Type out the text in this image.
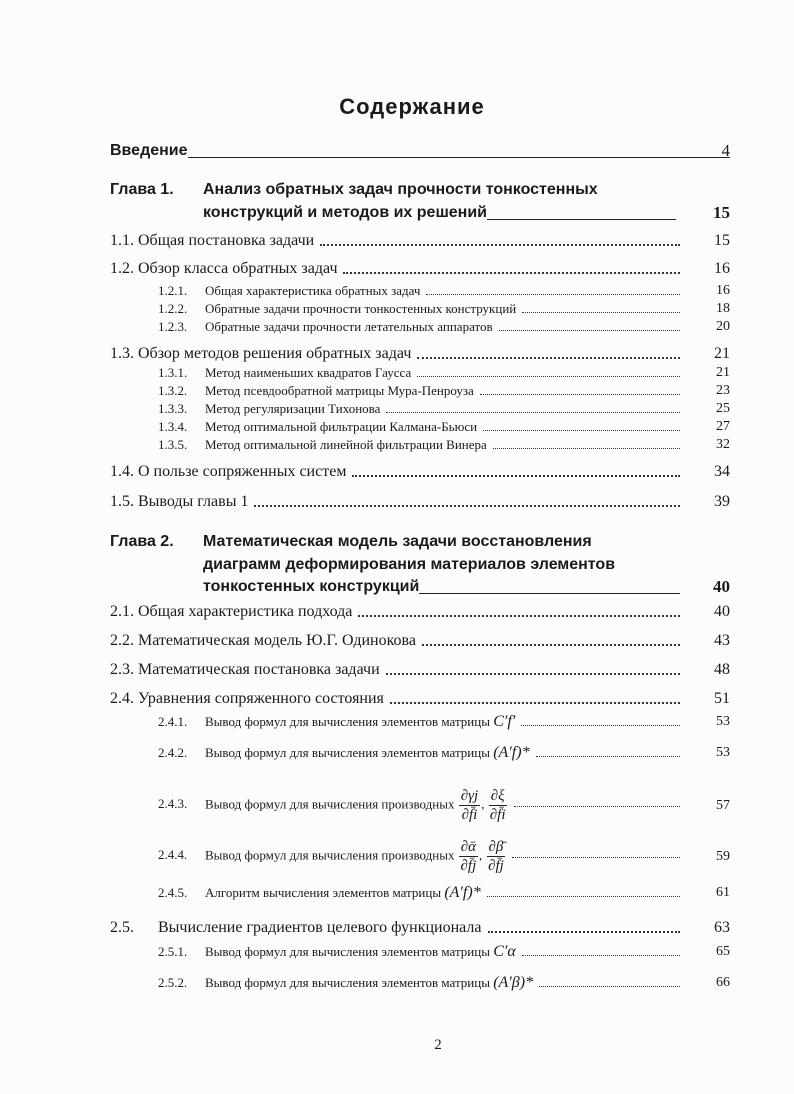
Содержание
Введение	4
Глава 1. Анализ обратных задач прочности тонкостенных
конструкций и методов их решений	15
1.1. Общая постановка задачи	15
1.2. Обзор класса обратных задач	16
1.2.1. Общая характеристика обратных задач	16
1.2.2. Обратные задачи прочности тонкостенных конструкций	18
1.2.3. Обратные задачи прочности летательных аппаратов	20
1.3. Обзор методов решения обратных задач	21
1.3.1. Метод наименьших квадратов Гаусса	21
1.3.2. Метод псевдообратной матрицы Мура-Пенроуза	23
1.3.3. Метод регуляризации Тихонова	25
1.3.4. Метод оптимальной фильтрации Калмана-Бьюси	27
1.3.5. Метод оптимальной линейной фильтрации Винера	32
1.4. О пользе сопряженных систем	34
1.5. Выводы главы 1	39
Глава 2. Математическая модель задачи восстановления
диаграмм деформирования материалов элементов
тонкостенных конструкций	40
2.1. Общая характеристика подхода	40
2.2. Математическая модель Ю.Г. Одинокова	43
2.3. Математическая постановка задачи	48
2.4. Уравнения сопряженного состояния	51
2.4.1. Вывод формул для вычисления элементов матрицы C′f′	53
2.4.2. Вывод формул для вычисления элементов матрицы (A′f)*	53
2.4.3. Вывод формул для вычисления производных $\frac{\partial\gamma j}{\partial f̄i}$ , $\frac{\partial\xi}{\partial f̄i}$	57
2.4.4. Вывод формул для вычисления производных $\frac{\text{∂ᾱ}}{\partial f̄j}$ , $\frac{\partial\betā}{\partial f̄j}$	59
2.4.5. Алгоритм вычисления элементов матрицы (A′f)*	61
2.5. Вычисление градиентов целевого функционала	63
2.5.1. Вывод формул для вычисления элементов матрицы C′α	65
2.5.2. Вывод формул для вычисления элементов матрицы (A′β)*	66
2
